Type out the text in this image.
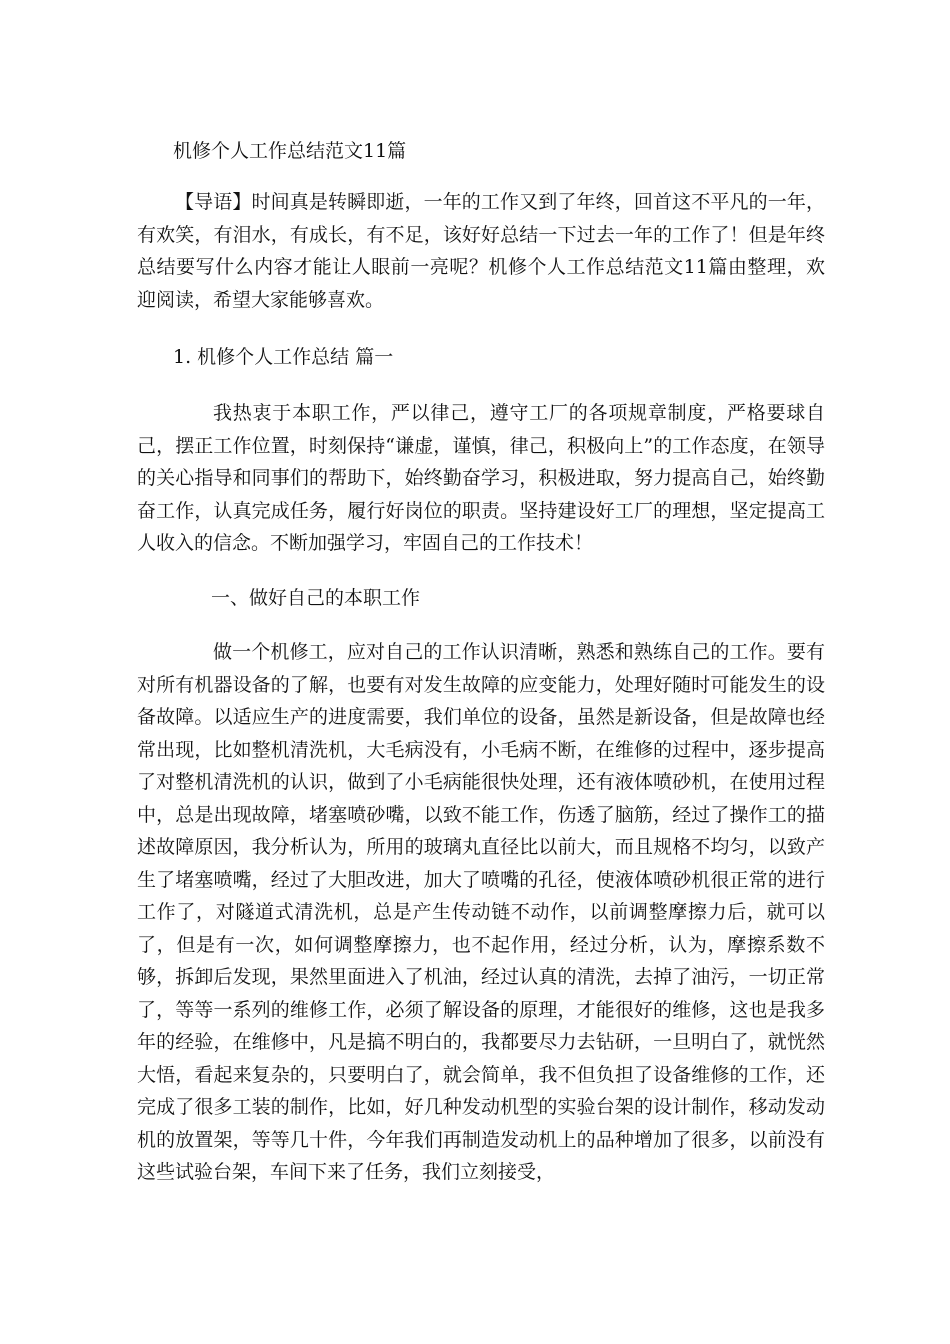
机修个人工作总结范文11篇

【导语】时间真是转瞬即逝，一年的工作又到了年终，回首这不平凡的一年，有欢笑，有泪水，有成长，有不足，该好好总结一下过去一年的工作了！但是年终总结要写什么内容才能让人眼前一亮呢？机修个人工作总结范文11篇由整理，欢迎阅读，希望大家能够喜欢。

1. 机修个人工作总结 篇一

我热衷于本职工作，严以律己，遵守工厂的各项规章制度，严格要球自己，摆正工作位置，时刻保持“谦虚，谨慎，律己，积极向上”的工作态度，在领导的关心指导和同事们的帮助下，始终勤奋学习，积极进取，努力提高自己，始终勤奋工作，认真完成任务，履行好岗位的职责。坚持建设好工厂的理想，坚定提高工人收入的信念。不断加强学习，牢固自己的工作技术！

一、做好自己的本职工作

做一个机修工，应对自己的工作认识清晰，熟悉和熟练自己的工作。要有对所有机器设备的了解，也要有对发生故障的应变能力，处理好随时可能发生的设备故障。以适应生产的进度需要，我们单位的设备，虽然是新设备，但是故障也经常出现，比如整机清洗机，大毛病没有，小毛病不断，在维修的过程中，逐步提高了对整机清洗机的认识，做到了小毛病能很快处理，还有液体喷砂机，在使用过程中，总是出现故障，堵塞喷砂嘴，以致不能工作，伤透了脑筋，经过了操作工的描述故障原因，我分析认为，所用的玻璃丸直径比以前大，而且规格不均匀，以致产生了堵塞喷嘴，经过了大胆改进，加大了喷嘴的孔径，使液体喷砂机很正常的进行工作了，对隧道式清洗机，总是产生传动链不动作，以前调整摩擦力后，就可以了，但是有一次，如何调整摩擦力，也不起作用，经过分析，认为，摩擦系数不够，拆卸后发现，果然里面进入了机油，经过认真的清洗，去掉了油污，一切正常了，等等一系列的维修工作，必须了解设备的原理，才能很好的维修，这也是我多年的经验，在维修中，凡是搞不明白的，我都要尽力去钻研，一旦明白了，就恍然大悟，看起来复杂的，只要明白了，就会简单，我不但负担了设备维修的工作，还完成了很多工装的制作，比如，好几种发动机型的实验台架的设计制作，移动发动机的放置架，等等几十件，今年我们再制造发动机上的品种增加了很多，以前没有这些试验台架，车间下来了任务，我们立刻接受，
